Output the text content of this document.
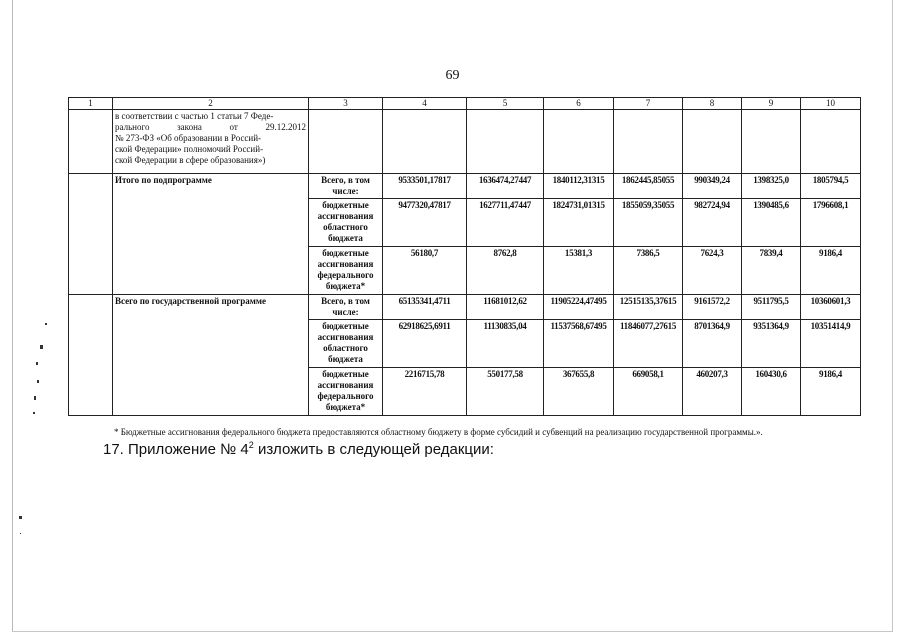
69
1	2	3	4	5	6	7	8	9	10

	в соответствии с частью 1 статьи 7 Феде-
рального закона от 29.12.2012
№ 273-ФЗ «Об образовании в Россий-
ской Федерации» полномочий Россий-
ской Федерации в сфере образования»)								

	Итого по подпрограмме	Всего, в том числе:	9533501,17817	1636474,27447	1840112,31315	1862445,85055	990349,24	1398325,0	1805794,5
		бюджетные ассигнования областного бюджета	9477320,47817	1627711,47447	1824731,01315	1855059,35055	982724,94	1390485,6	1796608,1
		бюджетные ассигнования федерального бюджета*	56180,7	8762,8	15381,3	7386,5	7624,3	7839,4	9186,4
	Всего по государственной программе	Всего, в том числе:	65135341,4711	11681012,62	11905224,47495	12515135,37615	9161572,2	9511795,5	10360601,3
		бюджетные ассигнования областного бюджета	62918625,6911	11130835,04	11537568,67495	11846077,27615	8701364,9	9351364,9	10351414,9
		бюджетные ассигнования федерального бюджета*	2216715,78	550177,58	367655,8	669058,1	460207,3	160430,6	9186,4
* Бюджетные ассигнования федерального бюджета предоставляются областному бюджету в форме субсидий и субвенций на реализацию государственной программы.».
17. Приложение № $4^2$ изложить в следующей редакции:
